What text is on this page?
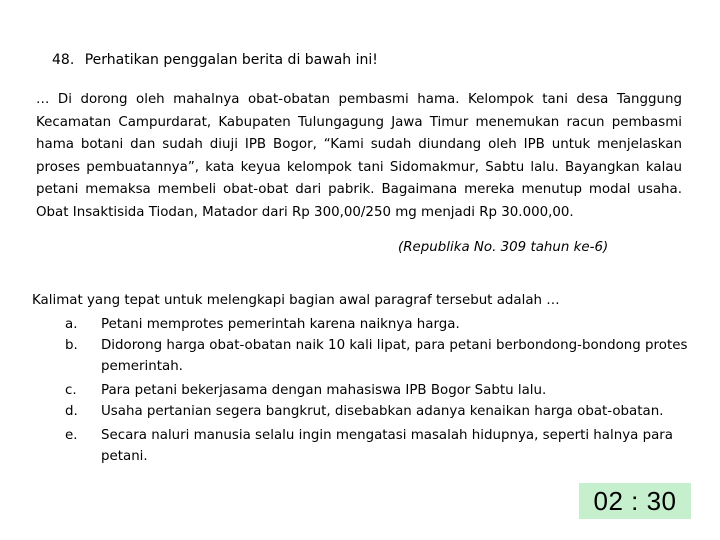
48. Perhatikan penggalan berita di bawah ini!

… Di dorong oleh mahalnya obat-obatan pembasmi hama. Kelompok tani desa Tanggung Kecamatan Campurdarat, Kabupaten Tulungagung Jawa Timur menemukan racun pembasmi hama botani dan sudah diuji IPB Bogor, “Kami sudah diundang oleh IPB untuk menjelaskan proses pembuatannya”, kata keyua kelompok tani Sidomakmur, Sabtu lalu. Bayangkan kalau petani memaksa membeli obat-obat dari pabrik. Bagaimana mereka menutup modal usaha. Obat Insaktisida Tiodan, Matador dari Rp 300,00/250 mg menjadi Rp 30.000,00.

(Republika No. 309 tahun ke-6)
Kalimat yang tepat untuk melengkapi bagian awal paragraf tersebut adalah …
a. Petani memprotes pemerintah karena naiknya harga.
b. Didorong harga obat-obatan naik 10 kali lipat, para petani berbondong-bondong protes pemerintah.
c. Para petani bekerjasama dengan mahasiswa IPB Bogor Sabtu lalu.
d. Usaha pertanian segera bangkrut, disebabkan adanya kenaikan harga obat-obatan.
e. Secara naluri manusia selalu ingin mengatasi masalah hidupnya, seperti halnya para petani.
02 : 30
